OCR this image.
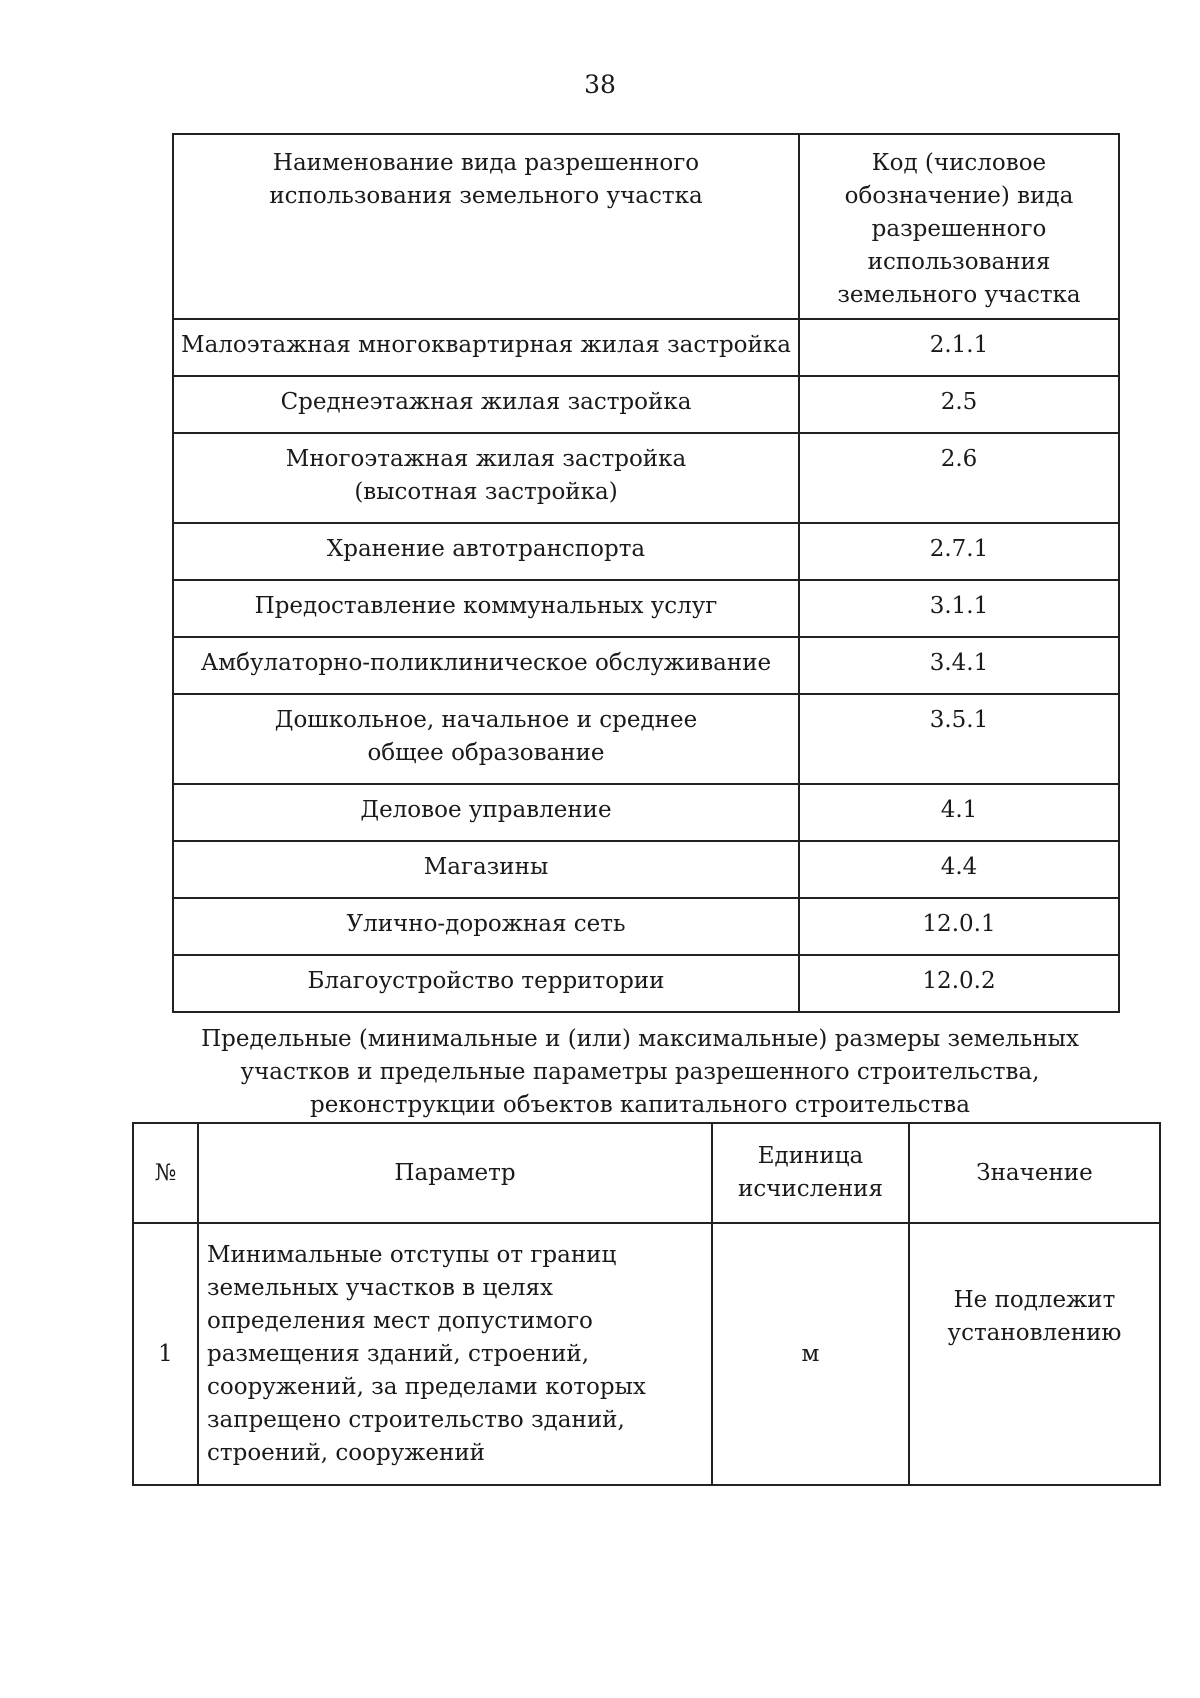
38
Наименование вида разрешенного использования земельного участка	Код (числовое обозначение) вида разрешенного использования земельного участка
Малоэтажная многоквартирная жилая застройка	2.1.1
Среднеэтажная жилая застройка	2.5
Многоэтажная жилая застройка (высотная застройка)	2.6
Хранение автотранспорта	2.7.1
Предоставление коммунальных услуг	3.1.1
Амбулаторно-поликлиническое обслуживание	3.4.1
Дошкольное, начальное и среднее общее образование	3.5.1
Деловое управление	4.1
Магазины	4.4
Улично-дорожная сеть	12.0.1
Благоустройство территории	12.0.2
Предельные (минимальные и (или) максимальные) размеры земельных участков и предельные параметры разрешенного строительства, реконструкции объектов капитального строительства
№	Параметр	Единица исчисления	Значение
1	Минимальные отступы от границ земельных участков в целях определения мест допустимого размещения зданий, строений, сооружений, за пределами которых запрещено строительство зданий, строений, сооружений	м	Не подлежит установлению
